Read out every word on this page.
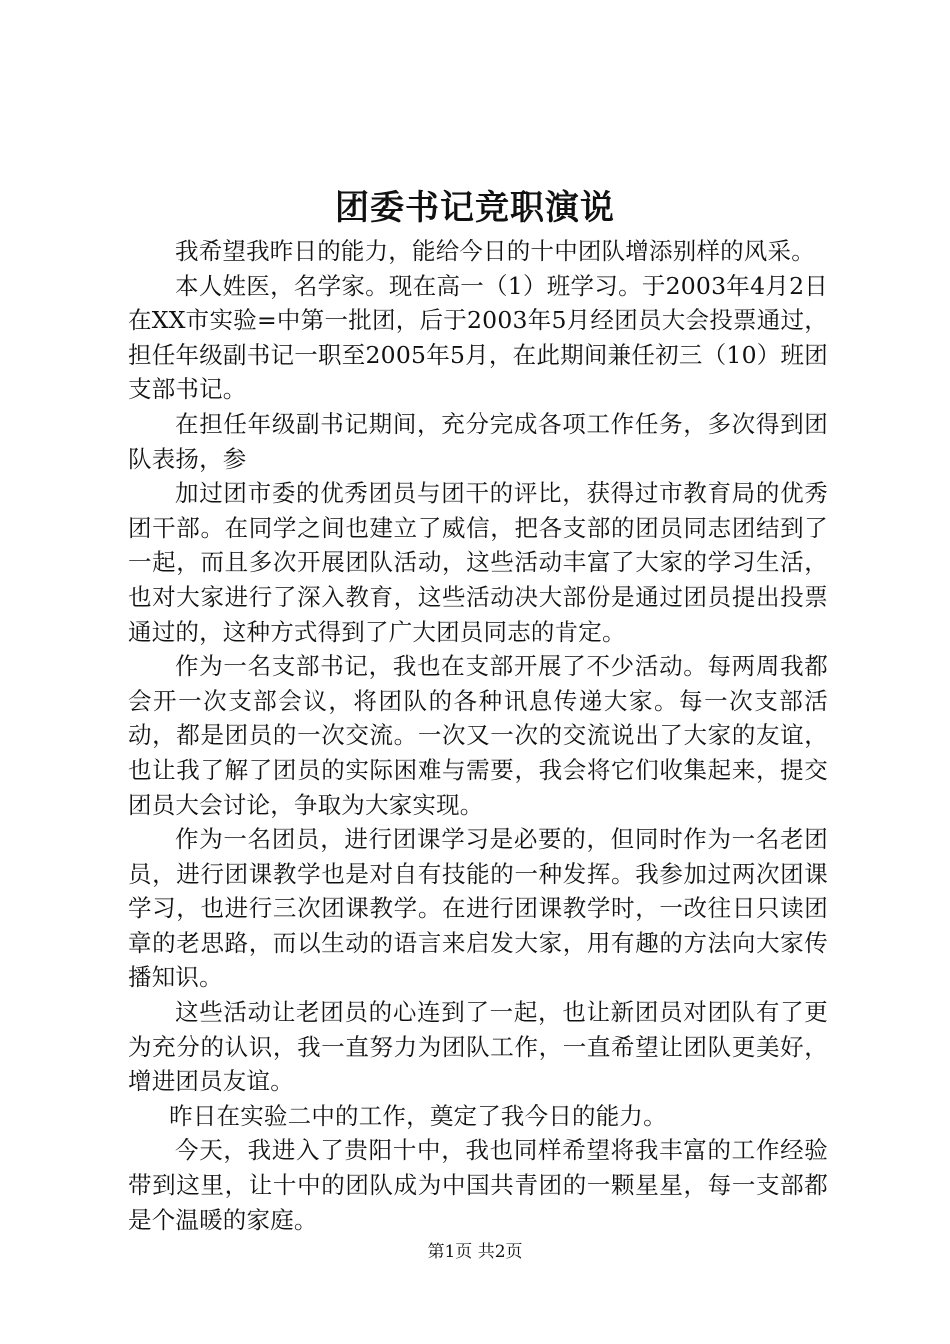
团委书记竞职演说

我希望我昨日的能力，能给今日的十中团队增添别样的风采。

本人姓医，名学家。现在高一（1）班学习。于2003年4月2日在XX市实验=中第一批团，后于2003年5月经团员大会投票通过，担任年级副书记一职至2005年5月，在此期间兼任初三（10）班团支部书记。

在担任年级副书记期间，充分完成各项工作任务，多次得到团队表扬，参

加过团市委的优秀团员与团干的评比，获得过市教育局的优秀团干部。在同学之间也建立了威信，把各支部的团员同志团结到了一起，而且多次开展团队活动，这些活动丰富了大家的学习生活，也对大家进行了深入教育，这些活动决大部份是通过团员提出投票通过的，这种方式得到了广大团员同志的肯定。

作为一名支部书记，我也在支部开展了不少活动。每两周我都会开一次支部会议，将团队的各种讯息传递大家。每一次支部活动，都是团员的一次交流。一次又一次的交流说出了大家的友谊，也让我了解了团员的实际困难与需要，我会将它们收集起来，提交团员大会讨论，争取为大家实现。

作为一名团员，进行团课学习是必要的，但同时作为一名老团员，进行团课教学也是对自有技能的一种发挥。我参加过两次团课学习，也进行三次团课教学。在进行团课教学时，一改往日只读团章的老思路，而以生动的语言来启发大家，用有趣的方法向大家传播知识。

这些活动让老团员的心连到了一起，也让新团员对团队有了更为充分的认识，我一直努力为团队工作，一直希望让团队更美好，增进团员友谊。

昨日在实验二中的工作，奠定了我今日的能力。

今天，我进入了贵阳十中，我也同样希望将我丰富的工作经验带到这里，让十中的团队成为中国共青团的一颗星星，每一支部都是个温暖的家庭。

第1页 共2页
